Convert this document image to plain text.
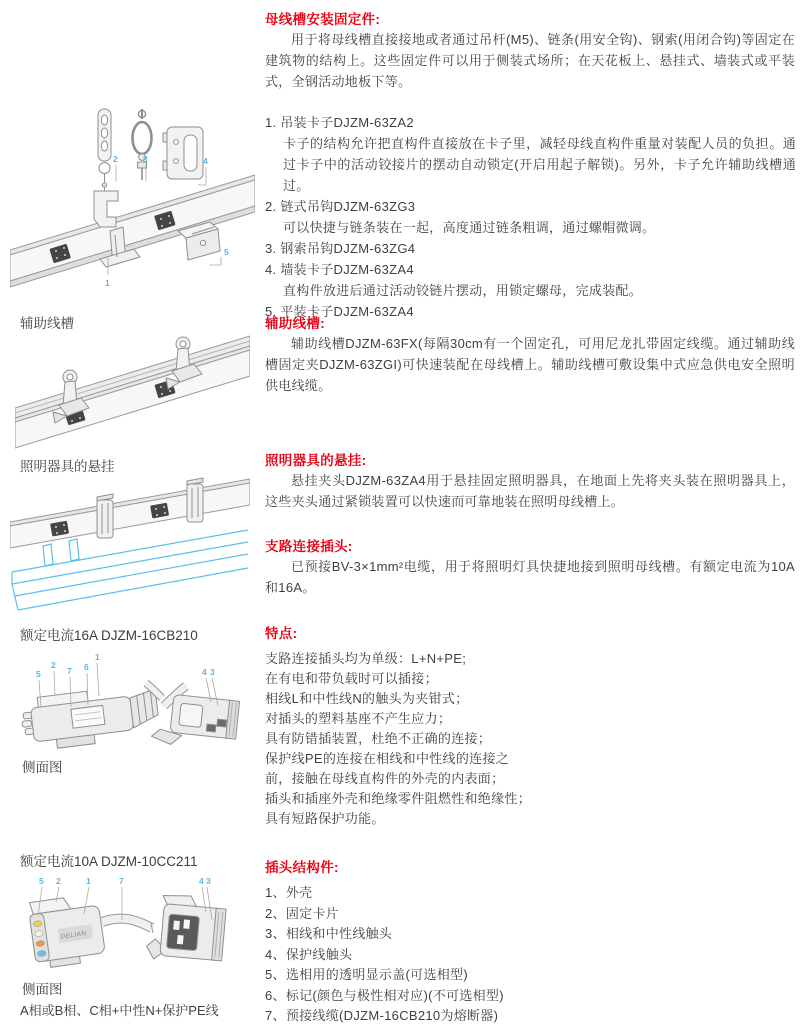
2	3	4
1
5
5
2
7 6
1
4 3
DELIAN
5 2	1	7	4 3
辅助线槽
照明器具的悬挂
额定电流16A DJZM-16CB210
侧面图
额定电流10A DJZM-10CC211
侧面图
A相或B相、C相+中性N+保护PE线
母线槽安装固定件:
用于将母线槽直接接地或者通过吊杆(M5)、链条(用安全钩)、钢索(用闭合钩)等固定在建筑物的结构上。这些固定件可以用于侧装式场所；在天花板上、悬挂式、墙装式或平装式，全钢活动地板下等。
1. 吊装卡子DJZM-63ZA2
卡子的结构允许把直构件直接放在卡子里，减轻母线直构件重量对装配人员的负担。通过卡子中的活动铰接片的摆动自动锁定(开启用起子解锁)。另外，卡子允许辅助线槽通过。
2. 链式吊钩DJZM-63ZG3
可以快捷与链条装在一起，高度通过链条粗调，通过螺帽微调。
3. 钢索吊钩DJZM-63ZG4
4. 墙装卡子DJZM-63ZA4
直构件放进后通过活动铰链片摆动，用锁定螺母，完成装配。
5. 平装卡子DJZM-63ZA4
辅助线槽:
辅助线槽DJZM-63FX(每隔30cm有一个固定孔，可用尼龙扎带固定线缆。通过辅助线槽固定夹DJZM-63ZGI)可快速装配在母线槽上。辅助线槽可敷设集中式应急供电安全照明供电线缆。
照明器具的悬挂:
悬挂夹头DJZM-63ZA4用于悬挂固定照明器具，在地面上先将夹头装在照明器具上，这些夹头通过紧锁装置可以快速而可靠地装在照明母线槽上。
支路连接插头:
已预接BV-3×1mm²电缆，用于将照明灯具快捷地接到照明母线槽。有额定电流为10A和16A。
特点:
支路连接插头均为单级：L+N+PE;
在有电和带负载时可以插接；
相线L和中性线N的触头为夹钳式；
对插头的塑料基座不产生应力；
具有防错插装置，杜绝不正确的连接；
保护线PE的连接在相线和中性线的连接之
前，接触在母线直构件的外壳的内表面；
插头和插座外壳和绝缘零件阻燃性和绝缘性；
具有短路保护功能。
插头结构件:
1、外壳
2、固定卡片
3、相线和中性线触头
4、保护线触头
5、选相用的透明显示盖(可选相型)
6、标记(颜色与极性相对应)(不可选相型)
7、预接线缆(DJZM-16CB210为熔断器)
